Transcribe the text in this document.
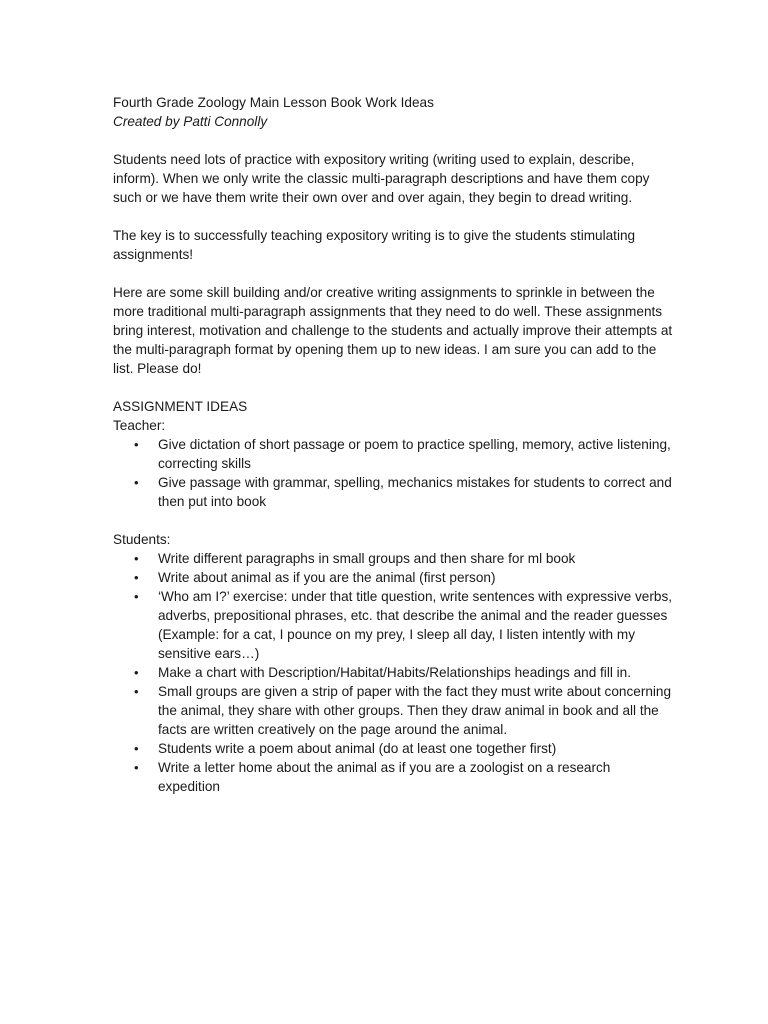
Fourth Grade Zoology Main Lesson Book Work Ideas

Created by Patti Connolly

Students need lots of practice with expository writing (writing used to explain, describe, inform). When we only write the classic multi-paragraph descriptions and have them copy such or we have them write their own over and over again, they begin to dread writing.

The key is to successfully teaching expository writing is to give the students stimulating assignments!

Here are some skill building and/or creative writing assignments to sprinkle in between the more traditional multi-paragraph assignments that they need to do well. These assignments bring interest, motivation and challenge to the students and actually improve their attempts at the multi-paragraph format by opening them up to new ideas. I am sure you can add to the list. Please do!

ASSIGNMENT IDEAS

Teacher:

• Give dictation of short passage or poem to practice spelling, memory, active listening, correcting skills
• Give passage with grammar, spelling, mechanics mistakes for students to correct and then put into book

Students:

• Write different paragraphs in small groups and then share for ml book
• Write about animal as if you are the animal (first person)
• ‘Who am I?’ exercise: under that title question, write sentences with expressive verbs, adverbs, prepositional phrases, etc. that describe the animal and the reader guesses (Example: for a cat, I pounce on my prey, I sleep all day, I listen intently with my sensitive ears…)
• Make a chart with Description/Habitat/Habits/Relationships headings and fill in.
• Small groups are given a strip of paper with the fact they must write about concerning the animal, they share with other groups. Then they draw animal in book and all the facts are written creatively on the page around the animal.
• Students write a poem about animal (do at least one together first)
• Write a letter home about the animal as if you are a zoologist on a research expedition
